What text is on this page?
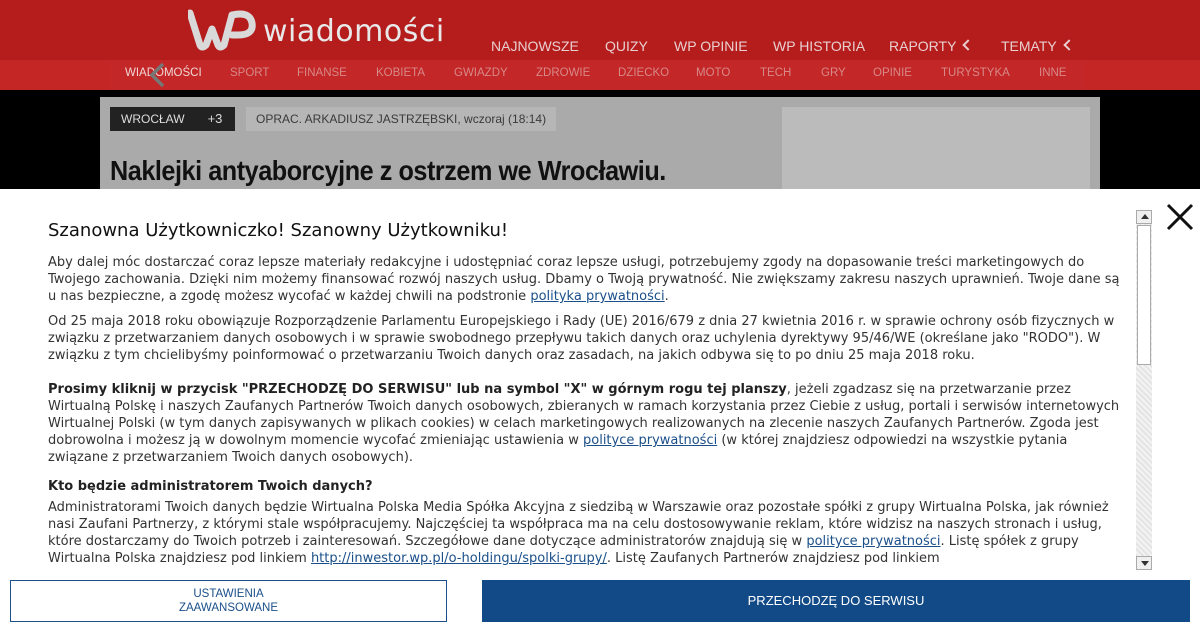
wiadomości	NAJNOWSZE QUIZY WP OPINIE WP HISTORIA RAPORTY	TEMATY
WIADOMOŚCI SPORT FINANSE	KOBIETA	GWIAZDY ZDROWIE DZIECKO MOTO	TECH	GRY OPINIE	TURYSTYKA	INNE
WROCŁAW	+3	OPRAC. ARKADIUSZ JASTRZĘBSKI, wczoraj (18:14)
Naklejki antyaborcyjne z ostrzem we Wrocławiu.
Szanowna Użytkowniczko! Szanowny Użytkowniku!
Aby dalej móc dostarczać coraz lepsze materiały redakcyjne i udostępniać coraz lepsze usługi, potrzebujemy zgody na dopasowanie treści marketingowych do Twojego zachowania. Dzięki nim możemy finansować rozwój naszych usług. Dbamy o Twoją prywatność. Nie zwiększamy zakresu naszych uprawnień. Twoje dane są u nas bezpieczne, a zgodę możesz wycofać w każdej chwili na podstronie polityka prywatności.
Od 25 maja 2018 roku obowiązuje Rozporządzenie Parlamentu Europejskiego i Rady (UE) 2016/679 z dnia 27 kwietnia 2016 r. w sprawie ochrony osób fizycznych w związku z przetwarzaniem danych osobowych i w sprawie swobodnego przepływu takich danych oraz uchylenia dyrektywy 95/46/WE (określane jako "RODO"). W związku z tym chcielibyśmy poinformować o przetwarzaniu Twoich danych oraz zasadach, na jakich odbywa się to po dniu 25 maja 2018 roku.
Prosimy kliknij w przycisk "PRZECHODZĘ DO SERWISU" lub na symbol "X" w górnym rogu tej planszy, jeżeli zgadzasz się na przetwarzanie przez Wirtualną Polskę i naszych Zaufanych Partnerów Twoich danych osobowych, zbieranych w ramach korzystania przez Ciebie z usług, portali i serwisów internetowych Wirtualnej Polski (w tym danych zapisywanych w plikach cookies) w celach marketingowych realizowanych na zlecenie naszych Zaufanych Partnerów. Zgoda jest dobrowolna i możesz ją w dowolnym momencie wycofać zmieniając ustawienia w polityce prywatności (w której znajdziesz odpowiedzi na wszystkie pytania związane z przetwarzaniem Twoich danych osobowych).
Kto będzie administratorem Twoich danych?
Administratorami Twoich danych będzie Wirtualna Polska Media Spółka Akcyjna z siedzibą w Warszawie oraz pozostałe spółki z grupy Wirtualna Polska, jak również nasi Zaufani Partnerzy, z którymi stale współpracujemy. Najczęściej ta współpraca ma na celu dostosowywanie reklam, które widzisz na naszych stronach i usług, które dostarczamy do Twoich potrzeb i zainteresowań. Szczegółowe dane dotyczące administratorów znajdują się w polityce prywatności. Listę spółek z grupy Wirtualna Polska znajdziesz pod linkiem http://inwestor.wp.pl/o-holdingu/spolki-grupy/. Listę Zaufanych Partnerów znajdziesz pod linkiem
USTAWIENIA
ZAAWANSOWANE	PRZECHODZĘ DO SERWISU
